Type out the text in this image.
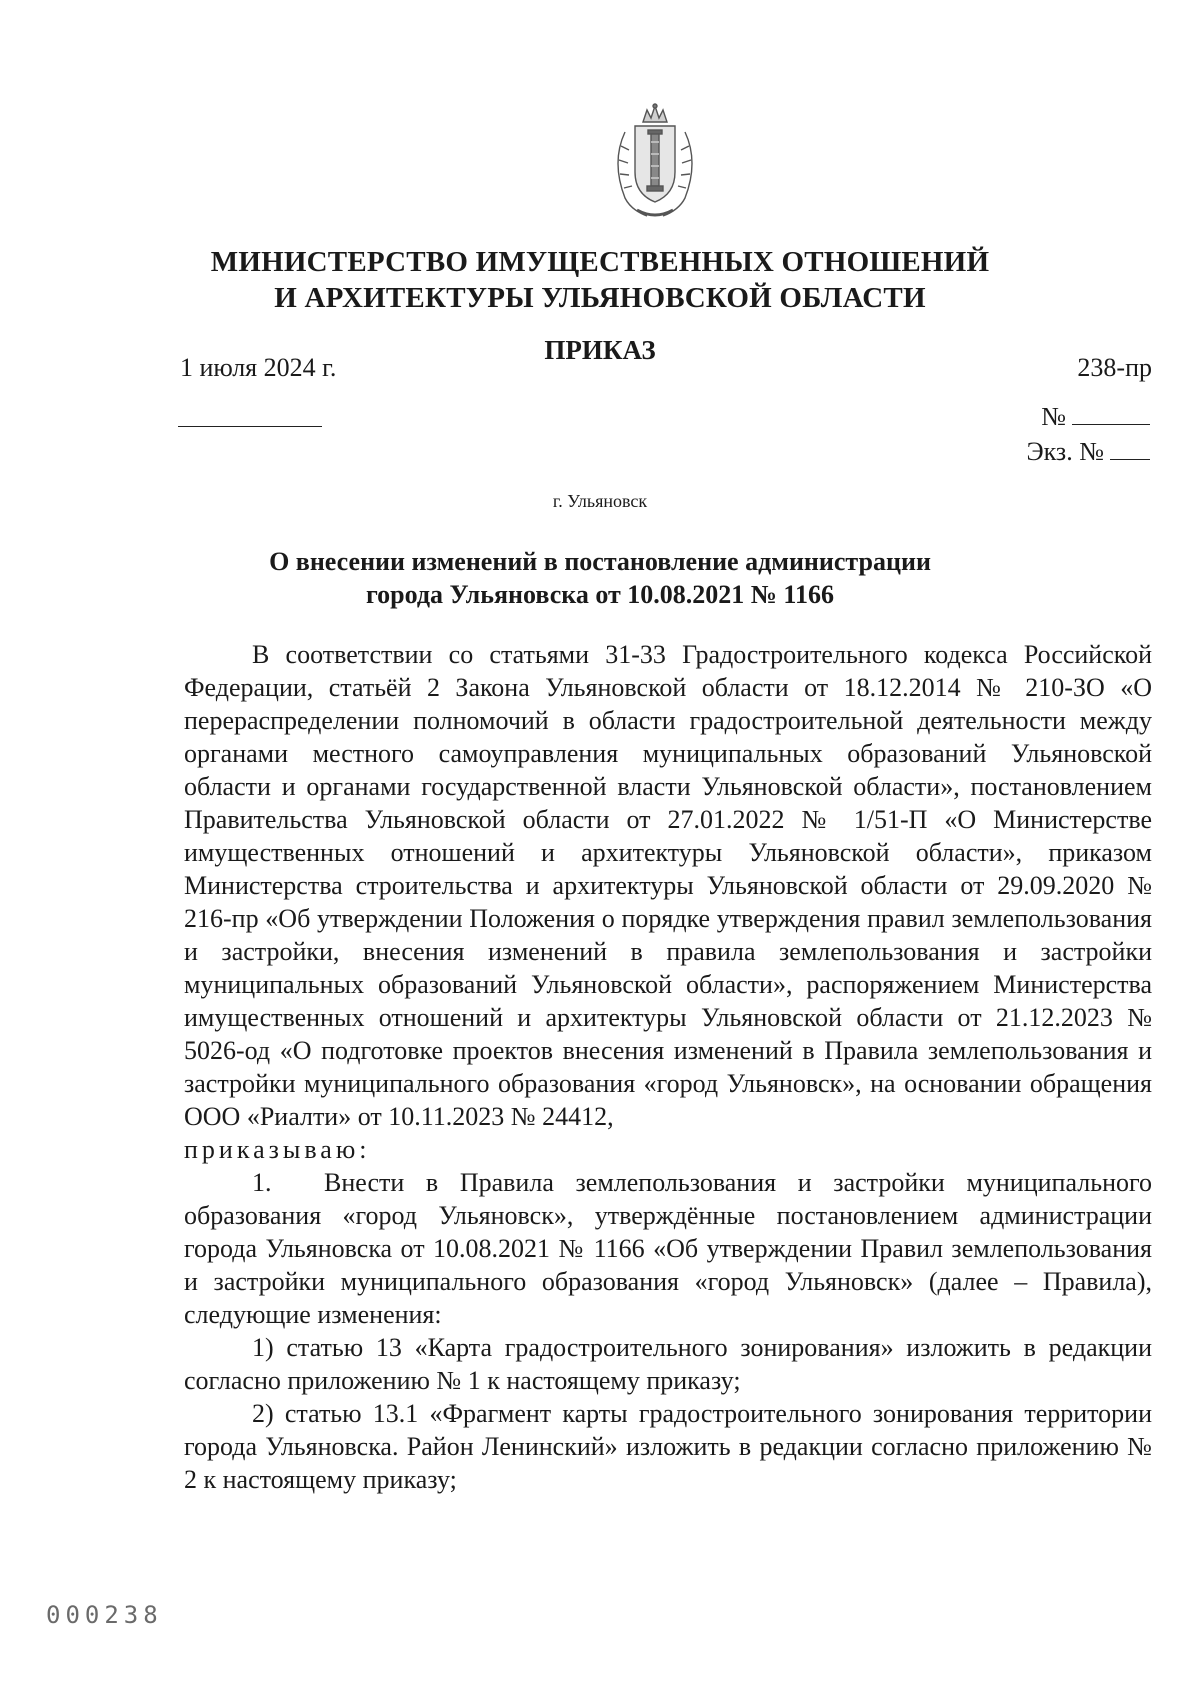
МИНИСТЕРСТВО ИМУЩЕСТВЕННЫХ ОТНОШЕНИЙ
И АРХИТЕКТУРЫ УЛЬЯНОВСКОЙ ОБЛАСТИ
ПРИКАЗ
1 июля 2024 г.	238-пр
№
Экз. №
г. Ульяновск
О внесении изменений в постановление администрации
города Ульяновска от 10.08.2021 № 1166

В соответствии со статьями 31-33 Градостроительного кодекса Российской Федерации, статьёй 2 Закона Ульяновской области от 18.12.2014 № 210-ЗО «О перераспределении полномочий в области градостроительной деятельности между органами местного самоуправления муниципальных образований Ульяновской области и органами государственной власти Ульяновской области», постановлением Правительства Ульяновской области от 27.01.2022 № 1/51-П «О Министерстве имущественных отношений и архитектуры Ульяновской области», приказом Министерства строительства и архитектуры Ульяновской области от 29.09.2020 № 216-пр «Об утверждении Положения о порядке утверждения правил землепользования и застройки, внесения изменений в правила землепользования и застройки муниципальных образований Ульяновской области», распоряжением Министерства имущественных отношений и архитектуры Ульяновской области от 21.12.2023 № 5026-од «О подготовке проектов внесения изменений в Правила землепользования и застройки муниципального образования «город Ульяновск», на основании обращения ООО «Риалти» от 10.11.2023 № 24412,

приказываю:

1. Внести в Правила землепользования и застройки муниципального образования «город Ульяновск», утверждённые постановлением администрации города Ульяновска от 10.08.2021 № 1166 «Об утверждении Правил землепользования и застройки муниципального образования «город Ульяновск» (далее – Правила), следующие изменения:

1) статью 13 «Карта градостроительного зонирования» изложить в редакции согласно приложению № 1 к настоящему приказу;

2) статью 13.1 «Фрагмент карты градостроительного зонирования территории города Ульяновска. Район Ленинский» изложить в редакции согласно приложению № 2 к настоящему приказу;

000238
